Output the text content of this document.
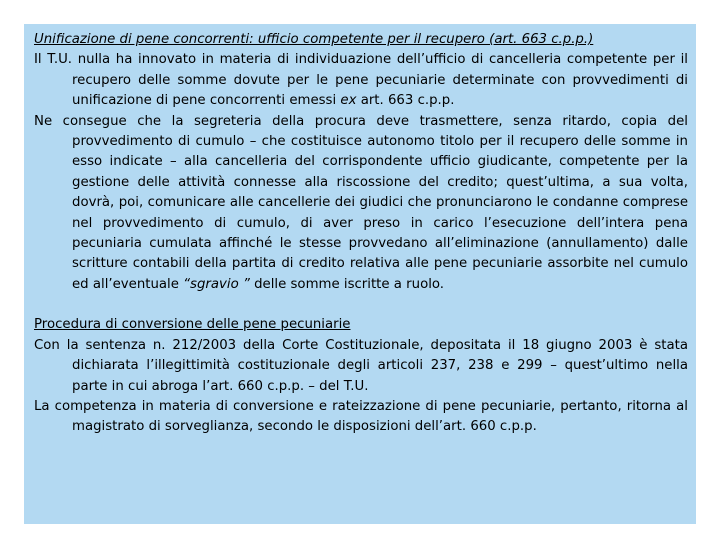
Unificazione di pene concorrenti: ufficio competente per il recupero (art. 663 c.p.p.)

Il T.U. nulla ha innovato in materia di individuazione dell’ufficio di cancelleria competente per il recupero delle somme dovute per le pene pecuniarie determinate con provvedimenti di unificazione di pene concorrenti emessi ex art. 663 c.p.p.

Ne consegue che la segreteria della procura deve trasmettere, senza ritardo, copia del provvedimento di cumulo – che costituisce autonomo titolo per il recupero delle somme in esso indicate – alla cancelleria del corrispondente ufficio giudicante, competente per la gestione delle attività connesse alla riscossione del credito; quest’ultima, a sua volta, dovrà, poi, comunicare alle cancellerie dei giudici che pronunciarono le condanne comprese nel provvedimento di cumulo, di aver preso in carico l’esecuzione dell’intera pena pecuniaria cumulata affinché le stesse provvedano all’eliminazione (annullamento) dalle scritture contabili della partita di credito relativa alle pene pecuniarie assorbite nel cumulo ed all’eventuale “sgravio ” delle somme iscritte a ruolo.

Procedura di conversione delle pene pecuniarie

Con la sentenza n. 212/2003 della Corte Costituzionale, depositata il 18 giugno 2003 è stata dichiarata l’illegittimità costituzionale degli articoli 237, 238 e 299 – quest’ultimo nella parte in cui abroga l’art. 660 c.p.p. – del T.U.

La competenza in materia di conversione e rateizzazione di pene pecuniarie, pertanto, ritorna al magistrato di sorveglianza, secondo le disposizioni dell’art. 660 c.p.p.
